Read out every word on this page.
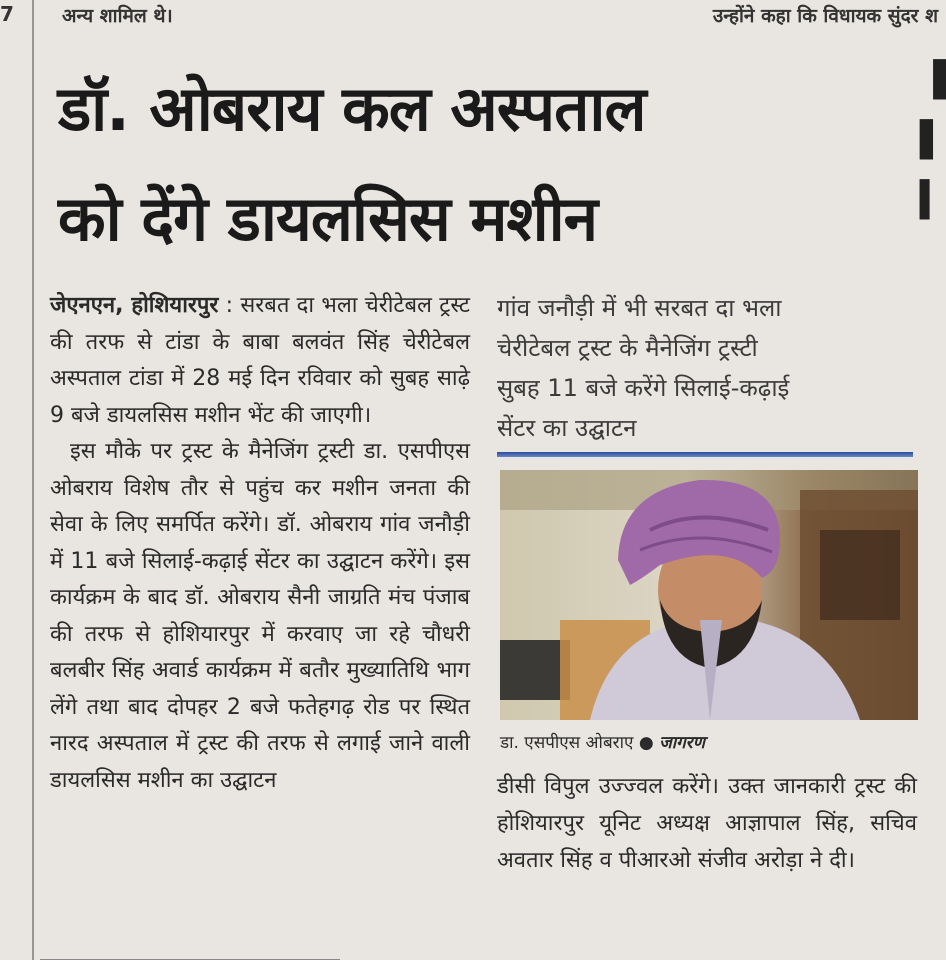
7	अन्य शामिल थे।	उन्होंने कहा कि विधायक सुंदर श
डॉ. ओबराय कल अस्पताल
को देंगे डायलसिस मशीन

जेएनएन, होशियारपुर : सरबत दा भला चेरीटेबल ट्रस्ट की तरफ से टांडा के बाबा बलवंत सिंह चेरीटेबल अस्पताल टांडा में 28 मई दिन रविवार को सुबह साढ़े 9 बजे डायलसिस मशीन भेंट की जाएगी।

इस मौके पर ट्रस्ट के मैनेजिंग ट्रस्टी डा. एसपीएस ओबराय विशेष तौर से पहुंच कर मशीन जनता की सेवा के लिए समर्पित करेंगे। डॉ. ओबराय गांव जनौड़ी में 11 बजे सिलाई-कढ़ाई सेंटर का उद्घाटन करेंगे। इस कार्यक्रम के बाद डॉ. ओबराय सैनी जाग्रति मंच पंजाब की तरफ से होशियारपुर में करवाए जा रहे चौधरी बलबीर सिंह अवार्ड कार्यक्रम में बतौर मुख्यातिथि भाग लेंगे तथा बाद दोपहर 2 बजे फतेहगढ़ रोड पर स्थित नारद अस्पताल में ट्रस्ट की तरफ से लगाई जाने वाली डायलसिस मशीन का उद्घाटन

गांव जनौड़ी में भी सरबत दा भला

चेरीटेबल ट्रस्ट के मैनेजिंग ट्रस्टी

सुबह 11 बजे करेंगे सिलाई-कढ़ाई

सेंटर का उद्घाटन

डा. एसपीएस ओबराए ● जागरण

डीसी विपुल उज्ज्वल करेंगे। उक्त जानकारी ट्रस्ट की होशियारपुर यूनिट अध्यक्ष आज्ञापाल सिंह, सचिव अवतार सिंह व पीआरओ संजीव अरोड़ा ने दी।

▐
▌
▍
